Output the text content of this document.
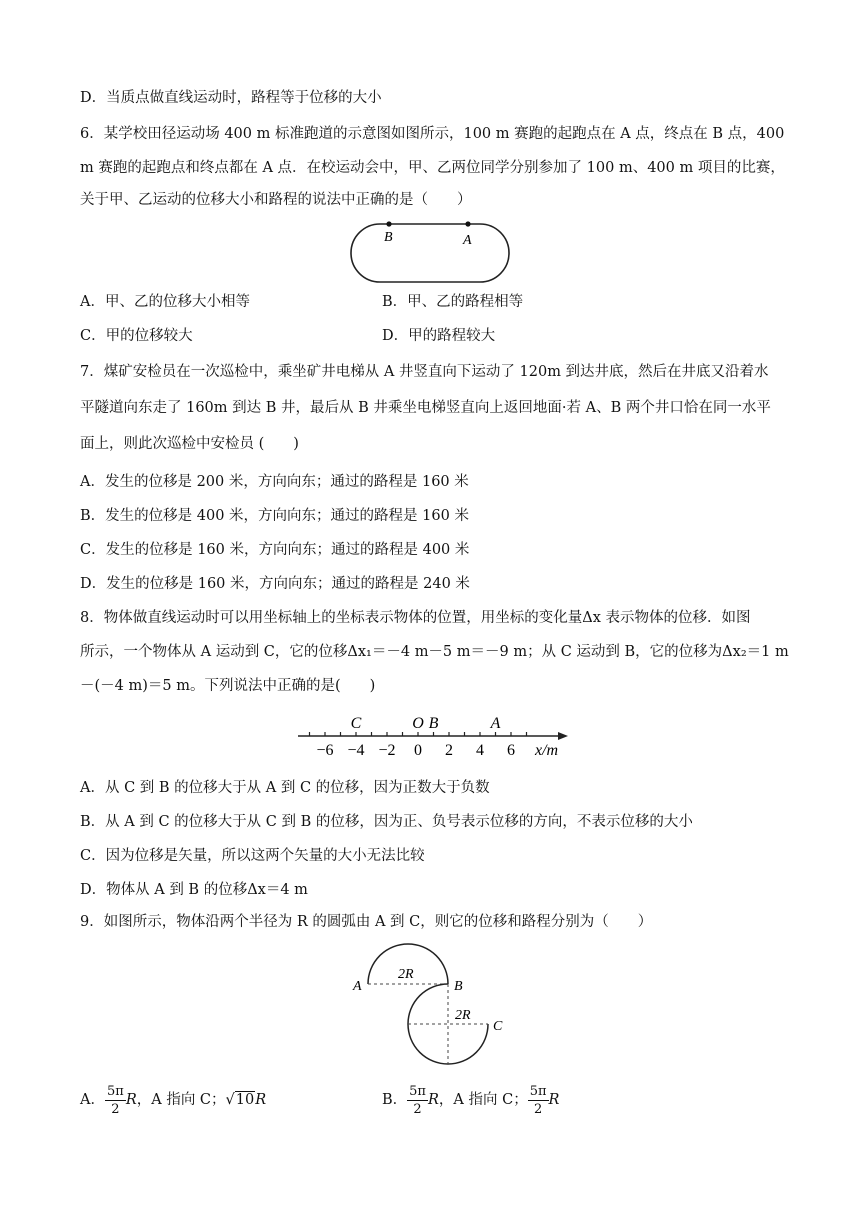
D．当质点做直线运动时，路程等于位移的大小
6．某学校田径运动场 400 m 标准跑道的示意图如图所示，100 m 赛跑的起跑点在 A 点，终点在 B 点，400
m 赛跑的起跑点和终点都在 A 点．在校运动会中，甲、乙两位同学分别参加了 100 m、400 m 项目的比赛，
关于甲、乙运动的位移大小和路程的说法中正确的是（　　）
B	A
A．甲、乙的位移大小相等	B．甲、乙的路程相等
C．甲的位移较大	D．甲的路程较大
7．煤矿安检员在一次巡检中，乘坐矿井电梯从 A 井竖直向下运动了 120m 到达井底，然后在井底又沿着水
平隧道向东走了 160m 到达 B 井，最后从 B 井乘坐电梯竖直向上返回地面·若 A、B 两个井口恰在同一水平
面上，则此次巡检中安检员 (　　)
A．发生的位移是 200 米，方向向东；通过的路程是 160 米
B．发生的位移是 400 米，方向向东；通过的路程是 160 米
C．发生的位移是 160 米，方向向东；通过的路程是 400 米
D．发生的位移是 160 米，方向向东；通过的路程是 240 米
8．物体做直线运动时可以用坐标轴上的坐标表示物体的位置，用坐标的变化量Δx 表示物体的位移．如图
所示，一个物体从 A 运动到 C，它的位移Δx₁＝－4 m－5 m＝－9 m；从 C 运动到 B，它的位移为Δx₂＝1 m
－(－4 m)＝5 m。下列说法中正确的是(　　)
−6 −4 −2 0 2 4 6
C	O B	A
x/m
A．从 C 到 B 的位移大于从 A 到 C 的位移，因为正数大于负数
B．从 A 到 C 的位移大于从 C 到 B 的位移，因为正、负号表示位移的方向，不表示位移的大小
C．因为位移是矢量，所以这两个矢量的大小无法比较
D．物体从 A 到 B 的位移Δx＝4 m
9．如图所示，物体沿两个半径为 R 的圆弧由 A 到 C，则它的位移和路程分别为（　　）
2R
2R
A	B
C
A． $\frac{5\pi}{2}$ R，A 指向 C；√10R	B． $\frac{5\pi}{2}$ R，A 指向 C； $\frac{5\pi}{2}$ R
